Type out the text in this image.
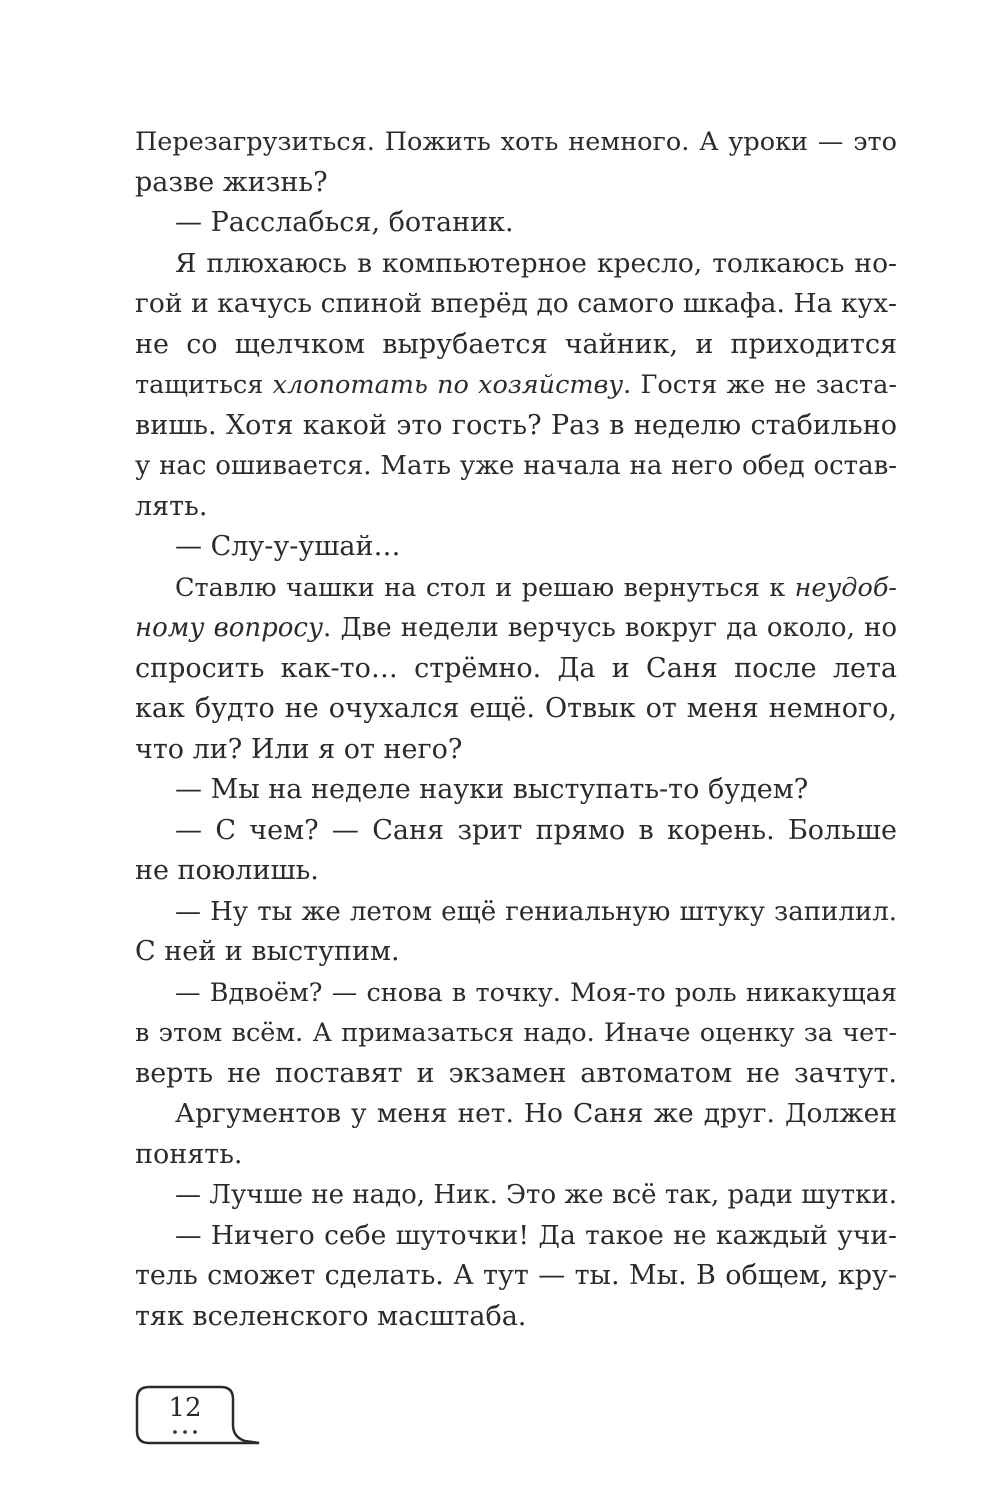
Перезагрузиться. Пожить хоть немного. А уроки — это
разве жизнь?
— Расслабься, ботаник.
Я плюхаюсь в компьютерное кресло, толкаюсь но-
гой и качусь спиной вперёд до самого шкафа. На кух-
не со щелчком вырубается чайник, и приходится
тащиться хлопотать по хозяйству. Гостя же не заста-
вишь. Хотя какой это гость? Раз в неделю стабильно
у нас ошивается. Мать уже начала на него обед остав-
лять.
— Слу-у-ушай…
Ставлю чашки на стол и решаю вернуться к неудоб-
ному вопросу. Две недели верчусь вокруг да около, но
спросить как-то… стрёмно. Да и Саня после лета
как будто не очухался ещё. Отвык от меня немного,
что ли? Или я от него?
— Мы на неделе науки выступать-то будем?
— С чем? — Саня зрит прямо в корень. Больше
не поюлишь.
— Ну ты же летом ещё гениальную штуку запилил.
С ней и выступим.
— Вдвоём? — снова в точку. Моя-то роль никакущая
в этом всём. А примазаться надо. Иначе оценку за чет-
верть не поставят и экзамен автоматом не зачтут.
Аргументов у меня нет. Но Саня же друг. Должен
понять.
— Лучше не надо, Ник. Это же всё так, ради шутки.
— Ничего себе шуточки! Да такое не каждый учи-
тель сможет сделать. А тут — ты. Мы. В общем, кру-
тяк вселенского масштаба.
12
